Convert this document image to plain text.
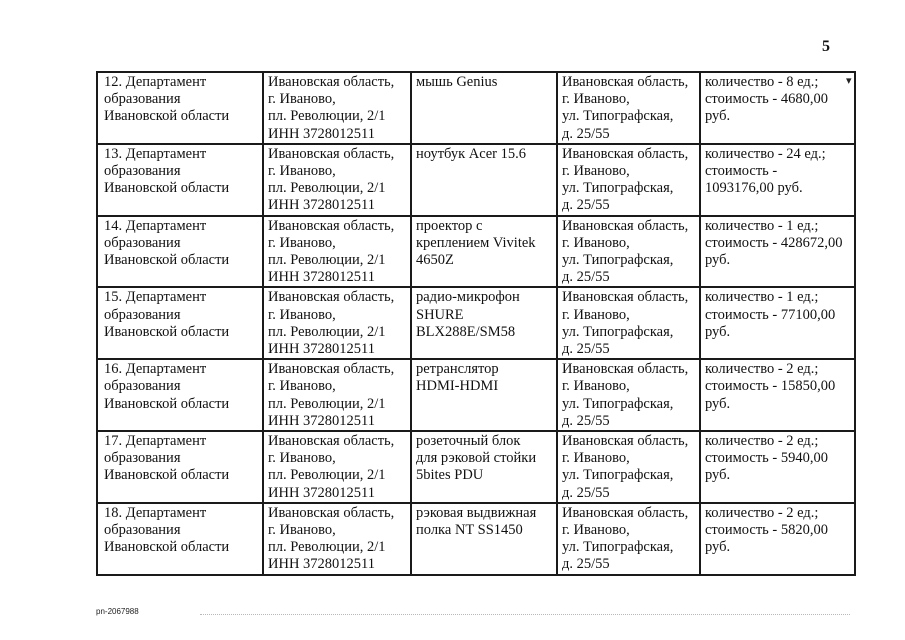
5
▾
12. Департамент
образования
Ивановской области	Ивановская область,
г. Иваново,
пл. Революции, 2/1
ИНН 3728012511	мышь Genius	Ивановская область,
г. Иваново,
ул. Типографская,
д. 25/55	количество - 8 ед.;
стоимость - 4680,00
руб.
13. Департамент
образования
Ивановской области	Ивановская область,
г. Иваново,
пл. Революции, 2/1
ИНН 3728012511	ноутбук Acer 15.6	Ивановская область,
г. Иваново,
ул. Типографская,
д. 25/55	количество - 24 ед.;
стоимость -
1093176,00 руб.
14. Департамент
образования
Ивановской области	Ивановская область,
г. Иваново,
пл. Революции, 2/1
ИНН 3728012511	проектор с
креплением Vivitek
4650Z	Ивановская область,
г. Иваново,
ул. Типографская,
д. 25/55	количество - 1 ед.;
стоимость - 428672,00
руб.
15. Департамент
образования
Ивановской области	Ивановская область,
г. Иваново,
пл. Революции, 2/1
ИНН 3728012511	радио-микрофон
SHURE
BLX288E/SM58	Ивановская область,
г. Иваново,
ул. Типографская,
д. 25/55	количество - 1 ед.;
стоимость - 77100,00
руб.
16. Департамент
образования
Ивановской области	Ивановская область,
г. Иваново,
пл. Революции, 2/1
ИНН 3728012511	ретранслятор
HDMI-HDMI	Ивановская область,
г. Иваново,
ул. Типографская,
д. 25/55	количество - 2 ед.;
стоимость - 15850,00
руб.
17. Департамент
образования
Ивановской области	Ивановская область,
г. Иваново,
пл. Революции, 2/1
ИНН 3728012511	розеточный блок
для рэковой стойки
5bites PDU	Ивановская область,
г. Иваново,
ул. Типографская,
д. 25/55	количество - 2 ед.;
стоимость - 5940,00
руб.
18. Департамент
образования
Ивановской области	Ивановская область,
г. Иваново,
пл. Революции, 2/1
ИНН 3728012511	рэковая выдвижная
полка NT SS1450	Ивановская область,
г. Иваново,
ул. Типографская,
д. 25/55	количество - 2 ед.;
стоимость - 5820,00
руб.
pn-2067988
